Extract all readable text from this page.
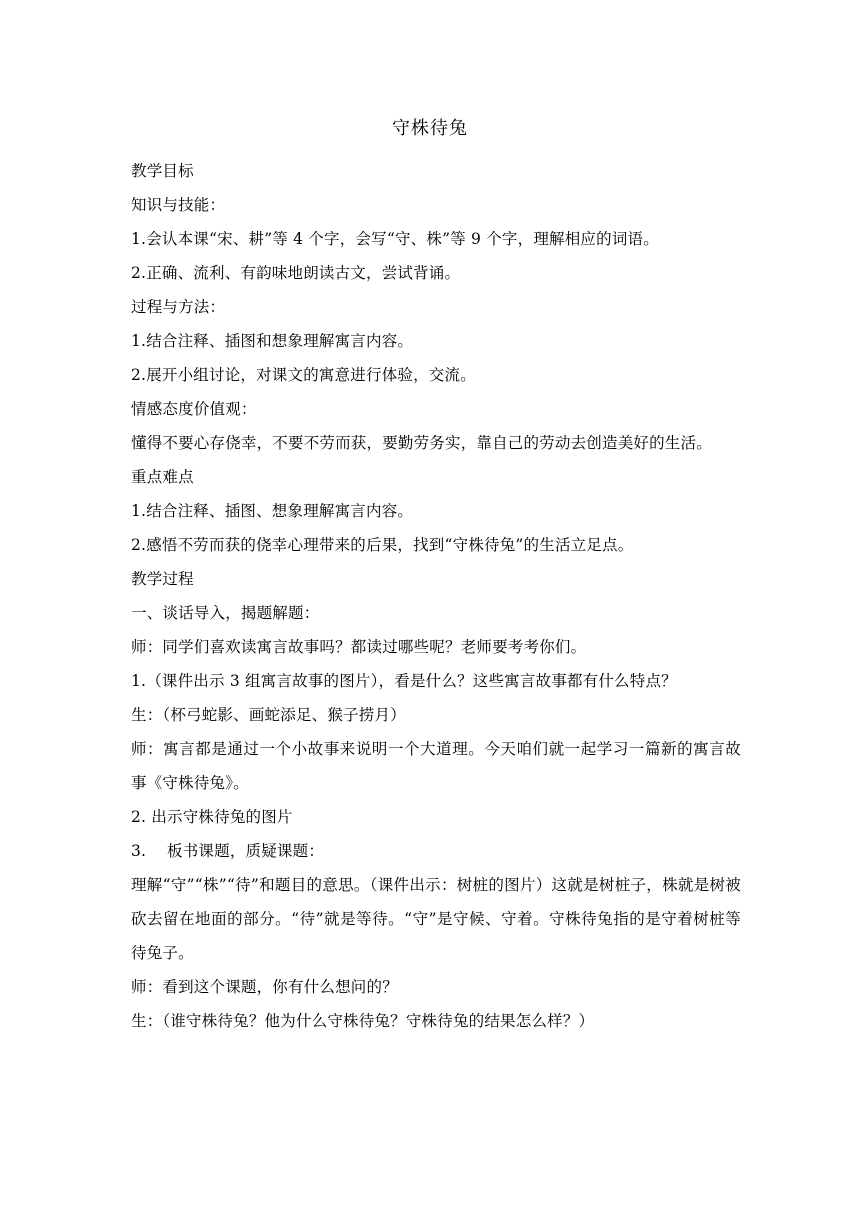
守株待兔

教学目标

知识与技能：

1.会认本课“宋、耕”等 4 个字，会写“守、株”等 9 个字，理解相应的词语。

2.正确、流利、有韵味地朗读古文，尝试背诵。

过程与方法：

1.结合注释、插图和想象理解寓言内容。

2.展开小组讨论，对课文的寓意进行体验，交流。

情感态度价值观：

懂得不要心存侥幸，不要不劳而获，要勤劳务实，靠自己的劳动去创造美好的生活。

重点难点

1.结合注释、插图、想象理解寓言内容。

2.感悟不劳而获的侥幸心理带来的后果，找到“守株待兔”的生活立足点。

教学过程

一、谈话导入，揭题解题：

师：同学们喜欢读寓言故事吗？都读过哪些呢？老师要考考你们。

1.（课件出示 3 组寓言故事的图片），看是什么？这些寓言故事都有什么特点？

生：（杯弓蛇影、画蛇添足、猴子捞月）

师：寓言都是通过一个小故事来说明一个大道理。今天咱们就一起学习一篇新的寓言故事《守株待兔》。

2. 出示守株待兔的图片

3.　 板书课题，质疑课题：

理解“守”“株”“待”和题目的意思。（课件出示：树桩的图片）这就是树桩子，株就是树被砍去留在地面的部分。“待”就是等待。“守”是守候、守着。守株待兔指的是守着树桩等待兔子。

师：看到这个课题，你有什么想问的？

生：（谁守株待兔？他为什么守株待兔？守株待兔的结果怎么样？）
